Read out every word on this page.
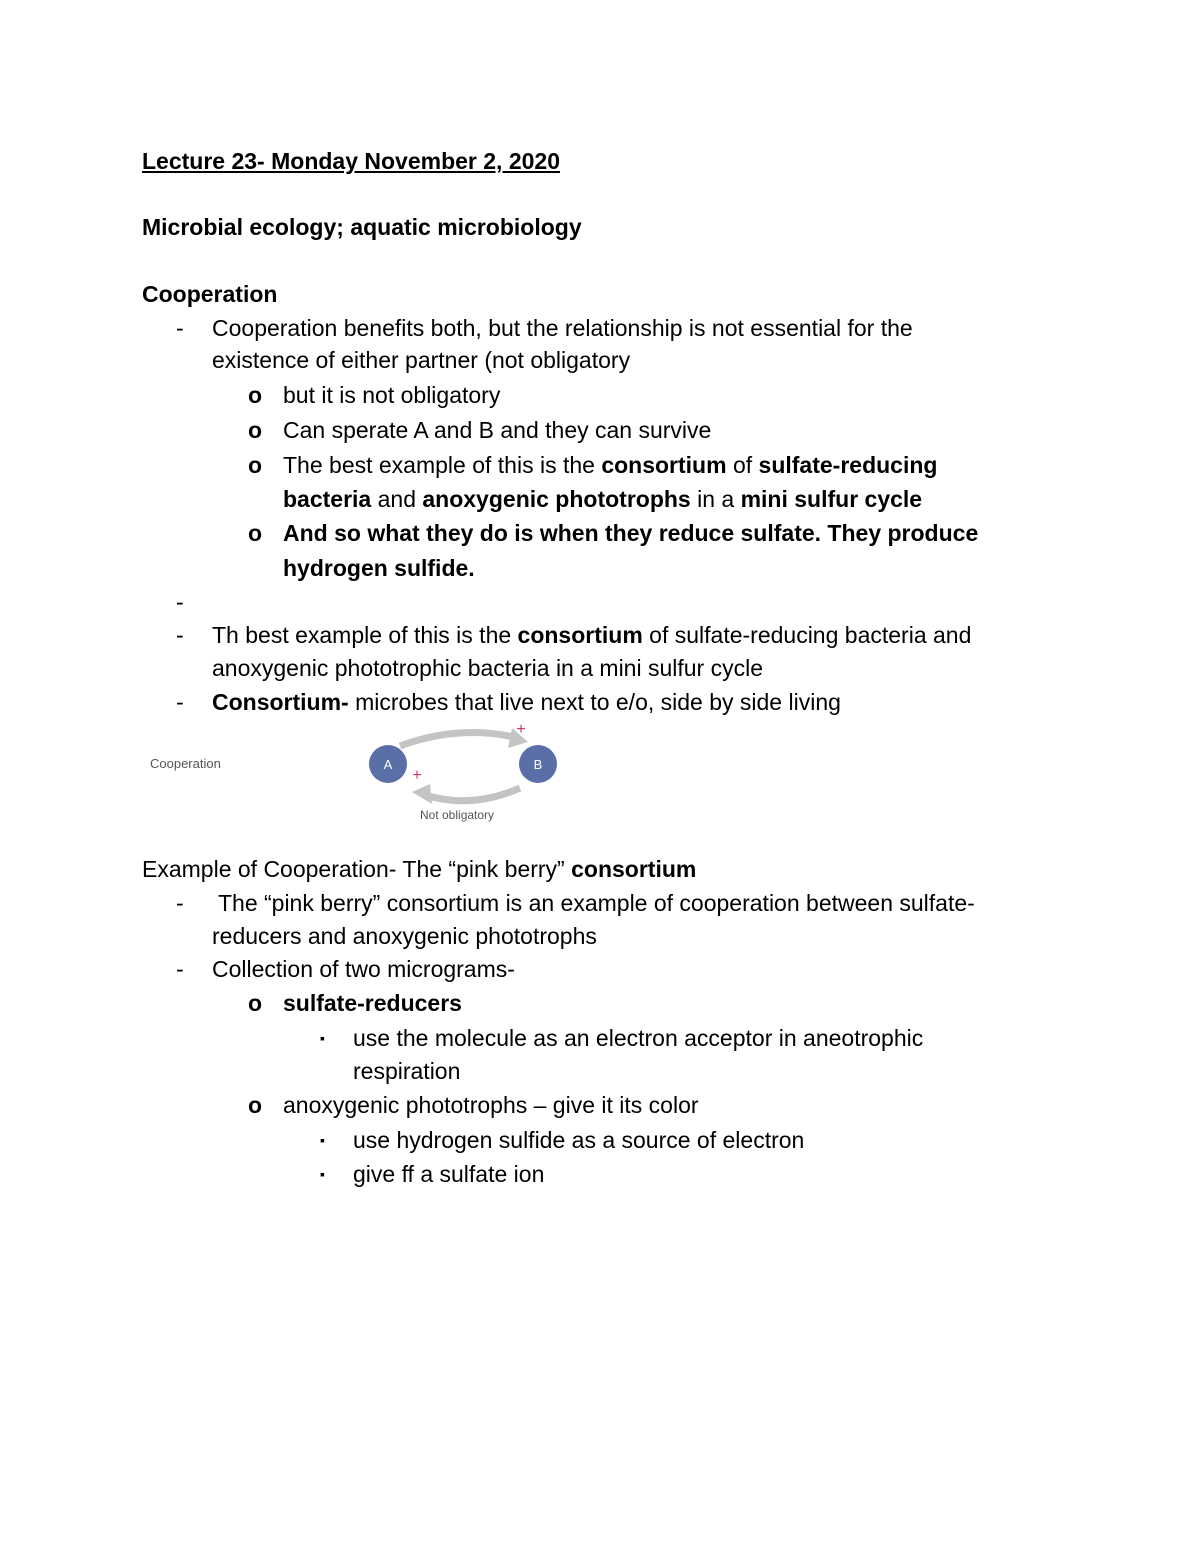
Lecture 23- Monday November 2, 2020
Microbial ecology; aquatic microbiology
Cooperation
- Cooperation benefits both, but the relationship is not essential for the
existence of either partner (not obligatory
o but it is not obligatory
o Can sperate A and B and they can survive
o The best example of this is the consortium of sulfate-reducing
bacteria and anoxygenic phototrophs in a mini sulfur cycle
o And so what they do is when they reduce sulfate. They produce
hydrogen sulfide.
-
- Th best example of this is the consortium of sulfate-reducing bacteria and
anoxygenic phototrophic bacteria in a mini sulfur cycle
- Consortium- microbes that live next to e/o, side by side living
Cooperation	A	B
+
+
Not obligatory
Example of Cooperation- The “pink berry” consortium
- The “pink berry” consortium is an example of cooperation between sulfate-
reducers and anoxygenic phototrophs
- Collection of two micrograms-
o sulfate-reducers
▪ use the molecule as an electron acceptor in aneotrophic
respiration
o anoxygenic phototrophs – give it its color
▪ use hydrogen sulfide as a source of electron
▪ give ff a sulfate ion
